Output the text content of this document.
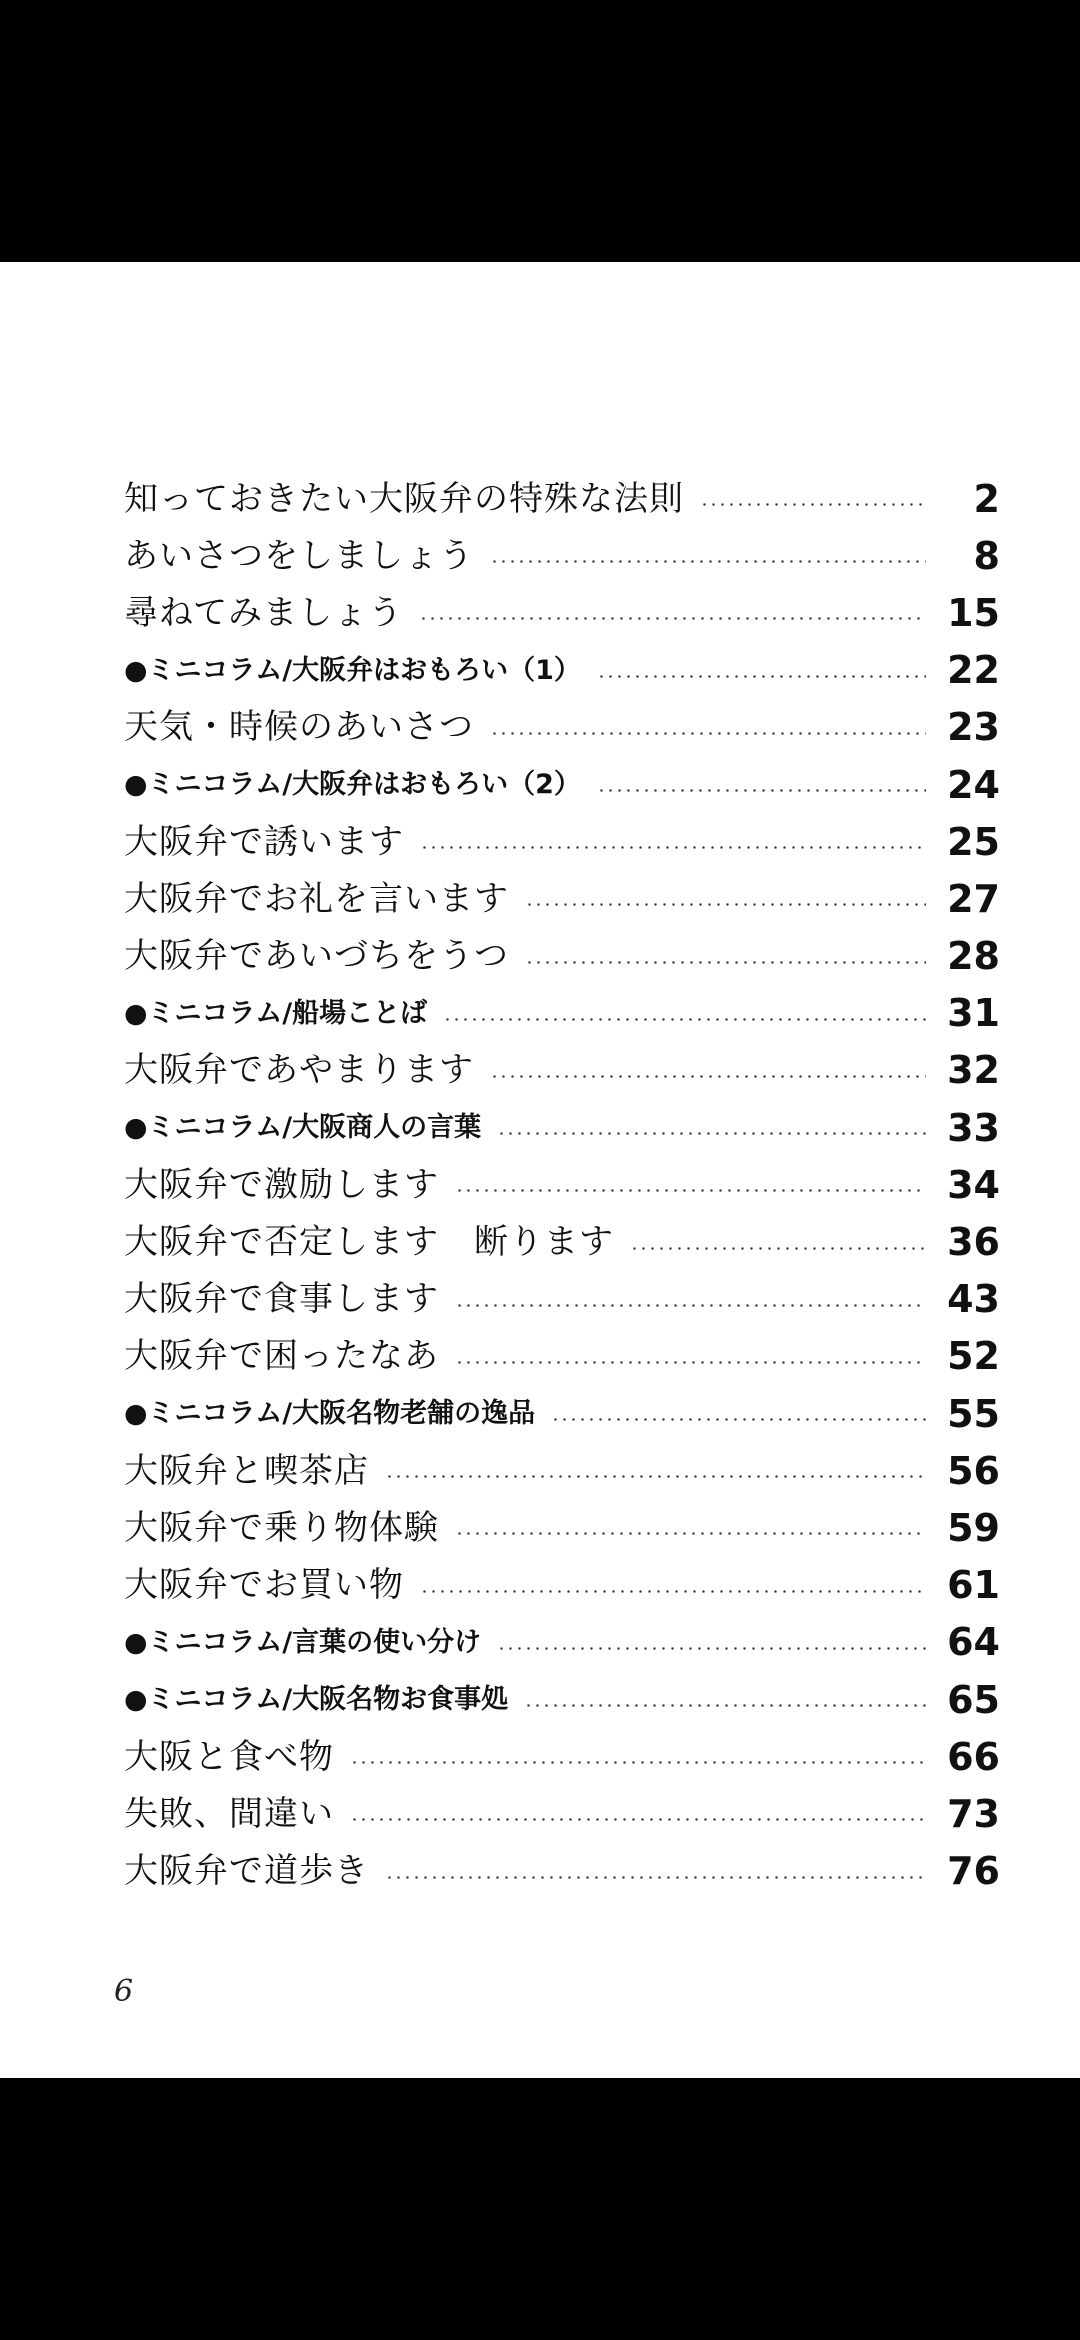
知っておきたい大阪弁の特殊な法則	2
あいさつをしましょう	8
尋ねてみましょう	15
●ミニコラム/大阪弁はおもろい（1）	22
天気・時候のあいさつ	23
●ミニコラム/大阪弁はおもろい（2）	24
大阪弁で誘います	25
大阪弁でお礼を言います	27
大阪弁であいづちをうつ	28
●ミニコラム/船場ことば	31
大阪弁であやまります	32
●ミニコラム/大阪商人の言葉	33
大阪弁で激励します	34
大阪弁で否定します　断ります	36
大阪弁で食事します	43
大阪弁で困ったなあ	52
●ミニコラム/大阪名物老舗の逸品	55
大阪弁と喫茶店	56
大阪弁で乗り物体験	59
大阪弁でお買い物	61
●ミニコラム/言葉の使い分け	64
●ミニコラム/大阪名物お食事処	65
大阪と食べ物	66
失敗、間違い	73
大阪弁で道歩き	76
6
